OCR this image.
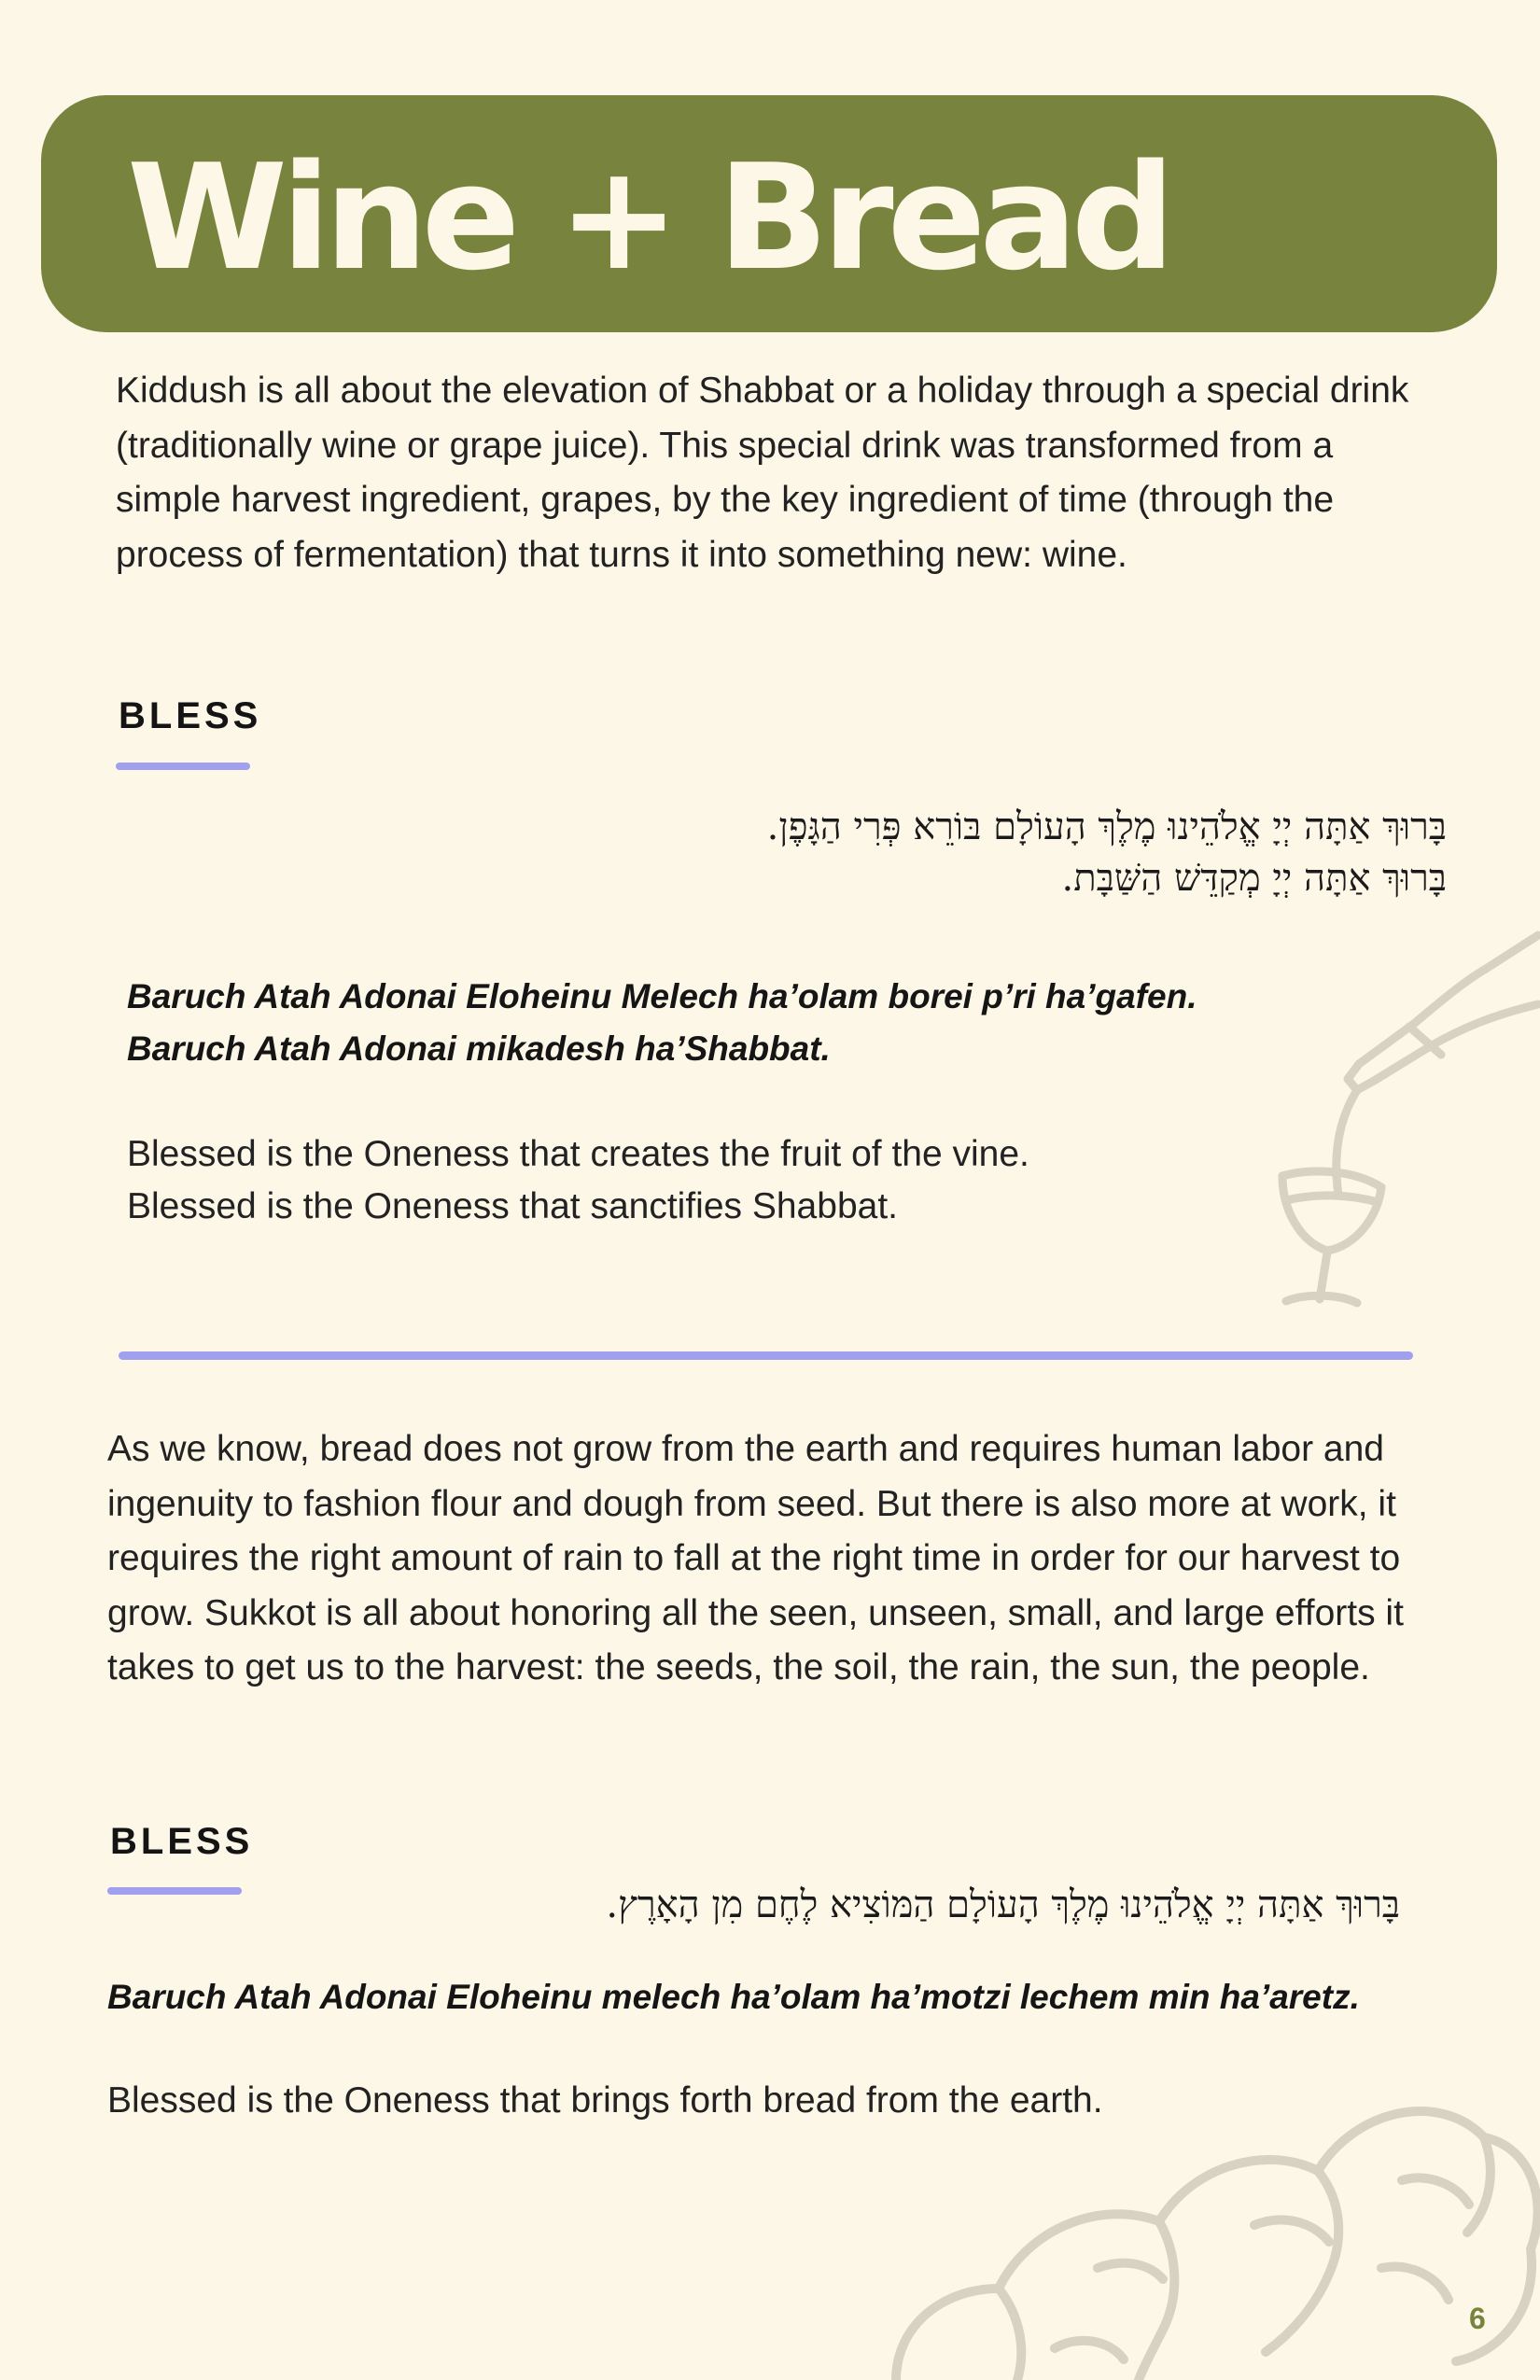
Wine + Bread

Kiddush is all about the elevation of Shabbat or a holiday through a special drink (traditionally wine or grape juice). This special drink was transformed from a simple harvest ingredient, grapes, by the key ingredient of time (through the process of fermentation) that turns it into something new: wine.

BLESS
בָּרוּךְ אַתָּה יְיָ אֱלֹהֵינוּ מֶלֶךְ הָעוֹלָם בּוֹרֵא פְּרִי הַגָּפֶן.
בָּרוּךְ אַתָּה יְיָ מְקַדֵּשׁ הַשַּׁבָּת.
Baruch Atah Adonai Eloheinu Melech ha’olam borei p’ri ha’gafen.
Baruch Atah Adonai mikadesh ha’Shabbat.
Blessed is the Oneness that creates the fruit of the vine.
Blessed is the Oneness that sanctifies Shabbat.

As we know, bread does not grow from the earth and requires human labor and ingenuity to fashion flour and dough from seed. But there is also more at work, it requires the right amount of rain to fall at the right time in order for our harvest to grow. Sukkot is all about honoring all the seen, unseen, small, and large efforts it takes to get us to the harvest: the seeds, the soil, the rain, the sun, the people.

BLESS
בָּרוּךְ אַתָּה יְיָ אֱלֹהֵינוּ מֶלֶךְ הָעוֹלָם הַמּוֹצִיא לֶחֶם מִן הָאָרֶץ.
Baruch Atah Adonai Eloheinu melech ha’olam ha’motzi lechem min ha’aretz.
Blessed is the Oneness that brings forth bread from the earth.
6
